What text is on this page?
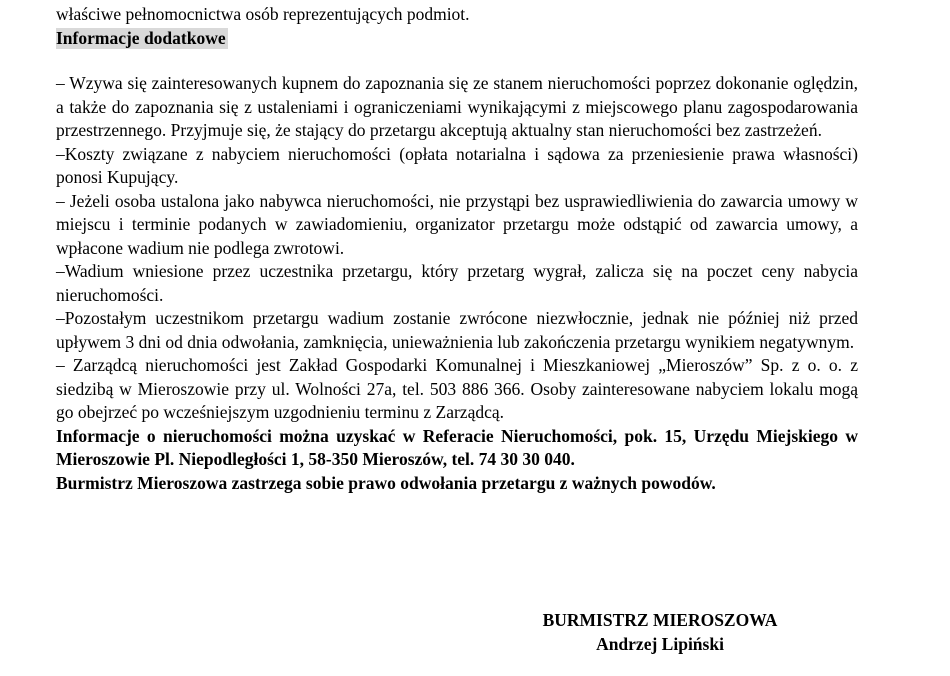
właściwe pełnomocnictwa osób reprezentujących podmiot.

Informacje dodatkowe

– Wzywa się zainteresowanych kupnem do zapoznania się ze stanem nieruchomości poprzez dokonanie oględzin, a także do zapoznania się z ustaleniami i ograniczeniami wynikającymi z miejscowego planu zagospodarowania przestrzennego. Przyjmuje się, że stający do przetargu akceptują aktualny stan nieruchomości bez zastrzeżeń.

–Koszty związane z nabyciem nieruchomości (opłata notarialna i sądowa za przeniesienie prawa własności) ponosi Kupujący.

– Jeżeli osoba ustalona jako nabywca nieruchomości, nie przystąpi bez usprawiedliwienia do zawarcia umowy w miejscu i terminie podanych w zawiadomieniu, organizator przetargu może odstąpić od zawarcia umowy, a wpłacone wadium nie podlega zwrotowi.

–Wadium wniesione przez uczestnika przetargu, który przetarg wygrał, zalicza się na poczet ceny nabycia nieruchomości.

–Pozostałym uczestnikom przetargu wadium zostanie zwrócone niezwłocznie, jednak nie później niż przed upływem 3 dni od dnia odwołania, zamknięcia, unieważnienia lub zakończenia przetargu wynikiem negatywnym.

– Zarządcą nieruchomości jest Zakład Gospodarki Komunalnej i Mieszkaniowej „Mieroszów” Sp. z o. o. z siedzibą w Mieroszowie przy ul. Wolności 27a, tel. 503 886 366. Osoby zainteresowane nabyciem lokalu mogą go obejrzeć po wcześniejszym uzgodnieniu terminu z Zarządcą.

Informacje o nieruchomości można uzyskać w Referacie Nieruchomości, pok. 15, Urzędu Miejskiego w Mieroszowie Pl. Niepodległości 1, 58-350 Mieroszów, tel. 74 30 30 040.

Burmistrz Mieroszowa zastrzega sobie prawo odwołania przetargu z ważnych powodów.

BURMISTRZ MIEROSZOWA
Andrzej Lipiński
